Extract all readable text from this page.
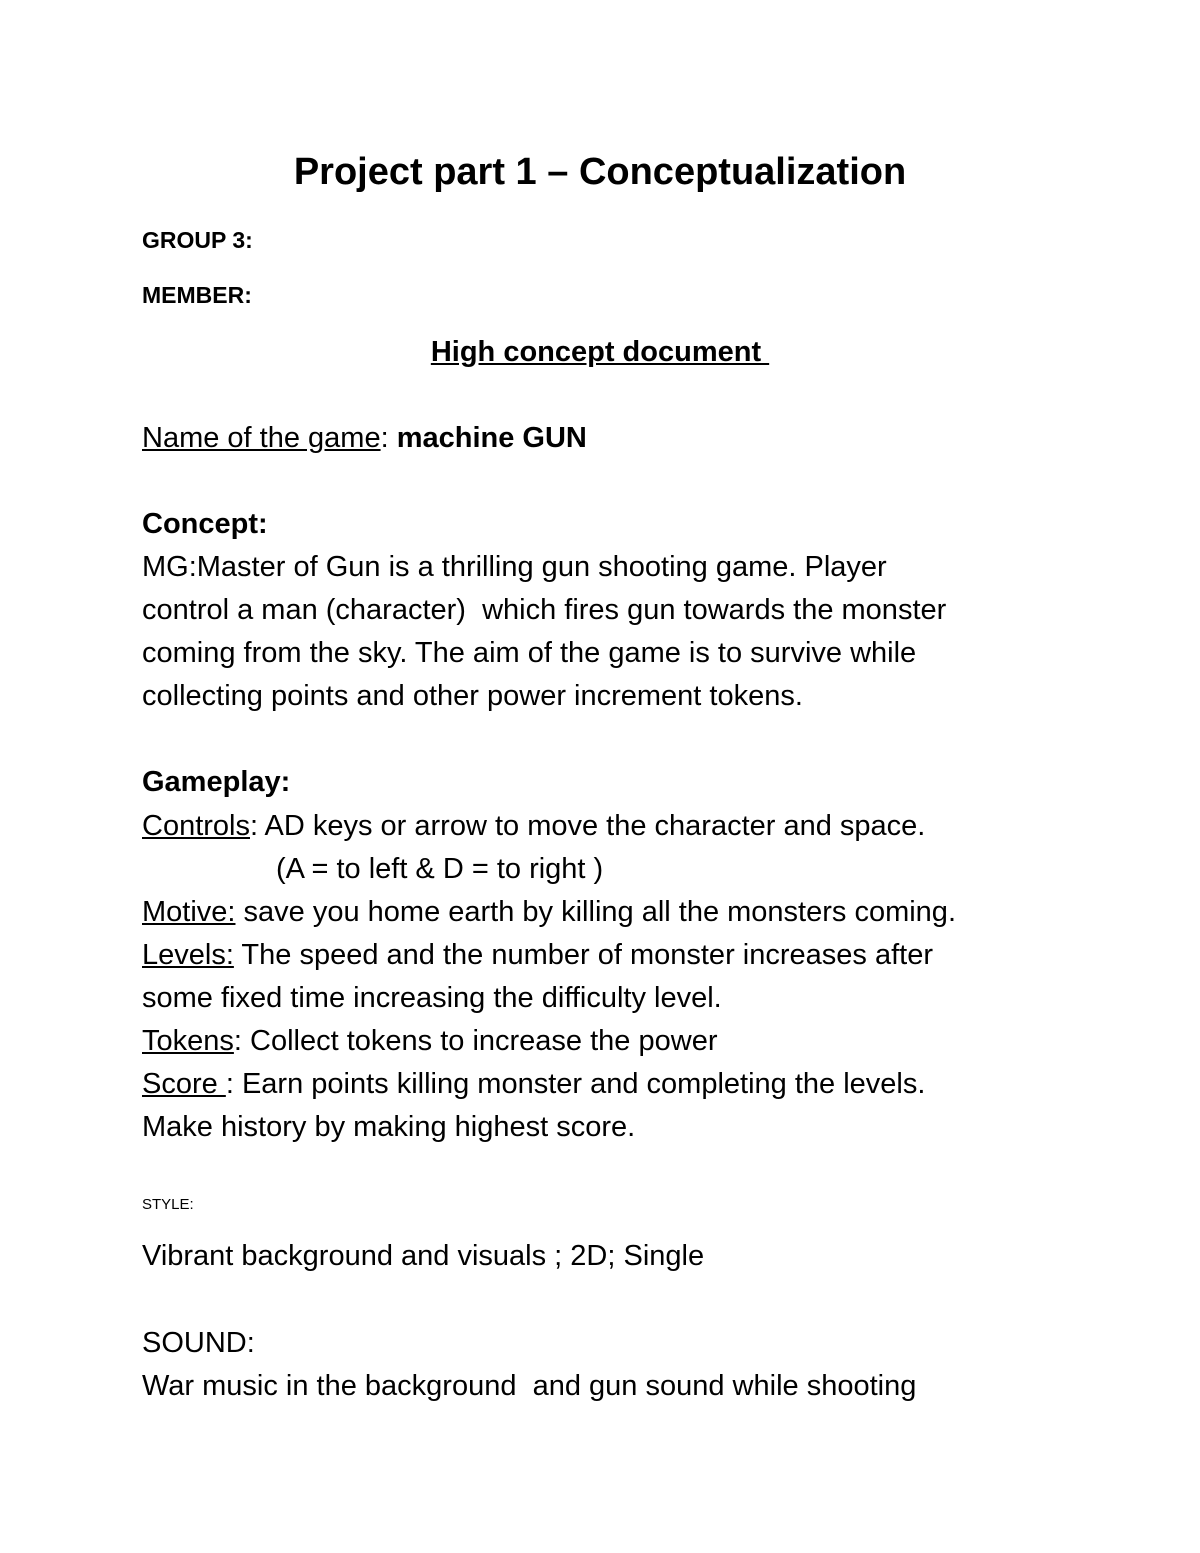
Project part 1 – Conceptualization
GROUP 3:
MEMBER:
High concept document
Name of the game: machine GUN
Concept:
MG:Master of Gun is a thrilling gun shooting game. Player
control a man (character)  which fires gun towards the monster
coming from the sky. The aim of the game is to survive while
collecting points and other power increment tokens.
Gameplay:
Controls: AD keys or arrow to move the character and space.
(A = to left & D = to right )
Motive: save you home earth by killing all the monsters coming.
Levels: The speed and the number of monster increases after
some fixed time increasing the difficulty level.
Tokens: Collect tokens to increase the power
Score : Earn points killing monster and completing the levels.
Make history by making highest score.
STYLE:
Vibrant background and visuals ; 2D; Single
SOUND:
War music in the background  and gun sound while shooting
